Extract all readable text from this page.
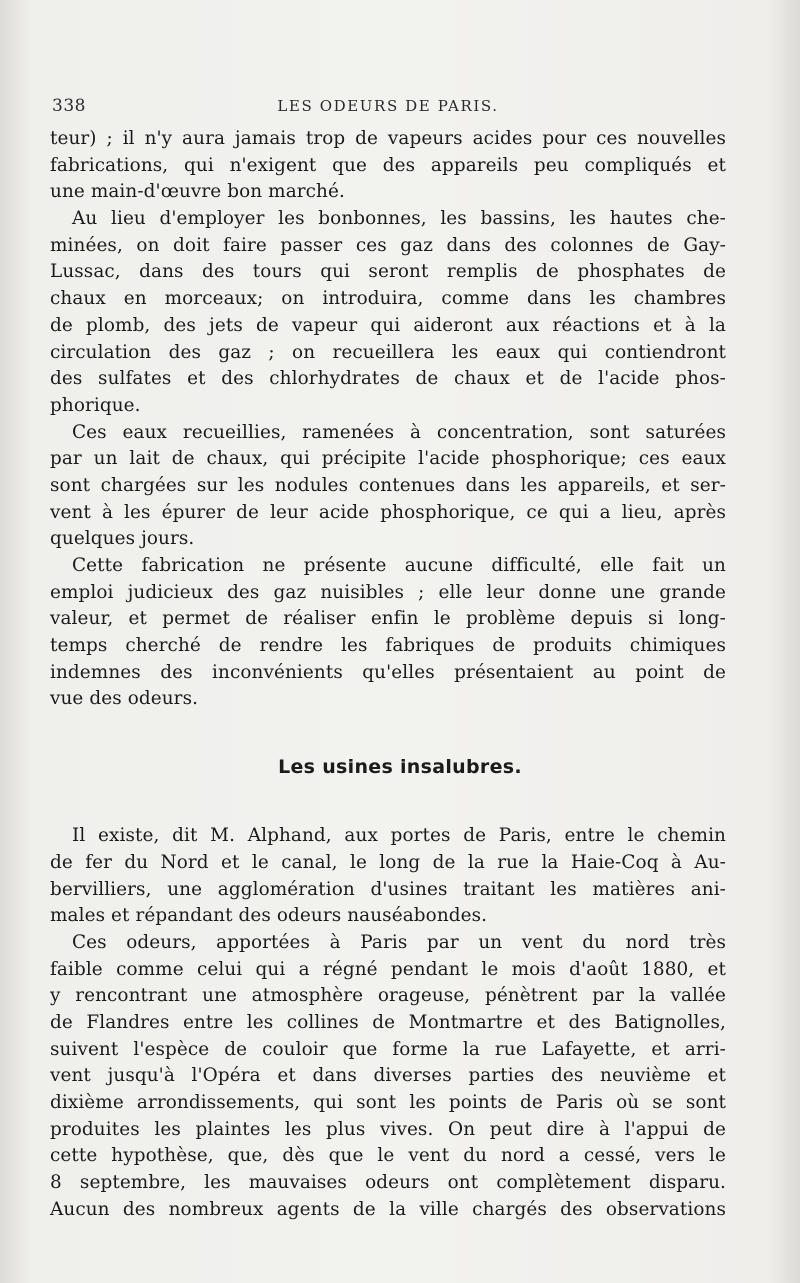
338	LES ODEURS DE PARIS.
teur) ; il n'y aura jamais trop de vapeurs acides pour ces nouvelles
fabrications, qui n'exigent que des appareils peu compliqués et
une main-d'œuvre bon marché.
Au lieu d'employer les bonbonnes, les bassins, les hautes che-
minées, on doit faire passer ces gaz dans des colonnes de Gay-
Lussac, dans des tours qui seront remplis de phosphates de
chaux en morceaux; on introduira, comme dans les chambres
de plomb, des jets de vapeur qui aideront aux réactions et à la
circulation des gaz ; on recueillera les eaux qui contiendront
des sulfates et des chlorhydrates de chaux et de l'acide phos-
phorique.
Ces eaux recueillies, ramenées à concentration, sont saturées
par un lait de chaux, qui précipite l'acide phosphorique; ces eaux
sont chargées sur les nodules contenues dans les appareils, et ser-
vent à les épurer de leur acide phosphorique, ce qui a lieu, après
quelques jours.
Cette fabrication ne présente aucune difficulté, elle fait un
emploi judicieux des gaz nuisibles ; elle leur donne une grande
valeur, et permet de réaliser enfin le problème depuis si long-
temps cherché de rendre les fabriques de produits chimiques
indemnes des inconvénients qu'elles présentaient au point de
vue des odeurs.
Les usines insalubres.
Il existe, dit M. Alphand, aux portes de Paris, entre le chemin
de fer du Nord et le canal, le long de la rue la Haie-Coq à Au-
bervilliers, une agglomération d'usines traitant les matières ani-
males et répandant des odeurs nauséabondes.
Ces odeurs, apportées à Paris par un vent du nord très
faible comme celui qui a régné pendant le mois d'août 1880, et
y rencontrant une atmosphère orageuse, pénètrent par la vallée
de Flandres entre les collines de Montmartre et des Batignolles,
suivent l'espèce de couloir que forme la rue Lafayette, et arri-
vent jusqu'à l'Opéra et dans diverses parties des neuvième et
dixième arrondissements, qui sont les points de Paris où se sont
produites les plaintes les plus vives. On peut dire à l'appui de
cette hypothèse, que, dès que le vent du nord a cessé, vers le
8 septembre, les mauvaises odeurs ont complètement disparu.
Aucun des nombreux agents de la ville chargés des observations
